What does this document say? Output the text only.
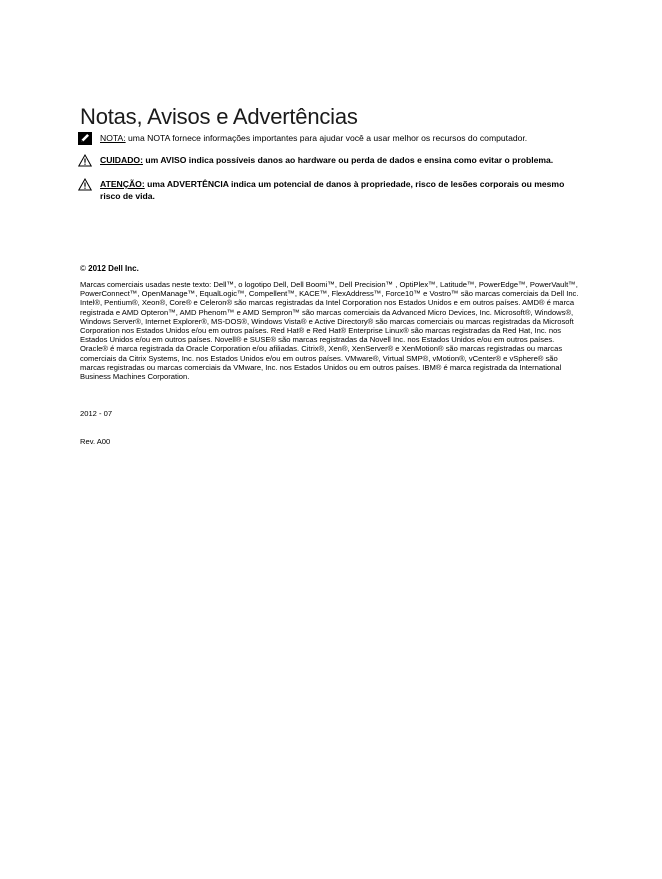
Notas, Avisos e Advertências
NOTA: uma NOTA fornece informações importantes para ajudar você a usar melhor os recursos do computador.
CUIDADO: um AVISO indica possíveis danos ao hardware ou perda de dados e ensina como evitar o problema.
ATENÇÃO: uma ADVERTÊNCIA indica um potencial de danos à propriedade, risco de lesões corporais ou mesmo risco de vida.
© 2012 Dell Inc.
Marcas comerciais usadas neste texto: Dell™, o logotipo Dell, Dell Boomi™, Dell Precision™ , OptiPlex™, Latitude™, PowerEdge™, PowerVault™, PowerConnect™, OpenManage™, EqualLogic™, Compellent™, KACE™, FlexAddress™, Force10™ e Vostro™ são marcas comerciais da Dell Inc. Intel®, Pentium®, Xeon®, Core® e Celeron® são marcas registradas da Intel Corporation nos Estados Unidos e em outros países. AMD® é marca registrada e AMD Opteron™, AMD Phenom™ e AMD Sempron™ são marcas comerciais da Advanced Micro Devices, Inc. Microsoft®, Windows®, Windows Server®, Internet Explorer®, MS-DOS®, Windows Vista® e Active Directory® são marcas comerciais ou marcas registradas da Microsoft Corporation nos Estados Unidos e/ou em outros países. Red Hat® e Red Hat® Enterprise Linux® são marcas registradas da Red Hat, Inc. nos Estados Unidos e/ou em outros países. Novell® e SUSE® são marcas registradas da Novell Inc. nos Estados Unidos e/ou em outros países. Oracle® é marca registrada da Oracle Corporation e/ou afiliadas. Citrix®, Xen®, XenServer® e XenMotion® são marcas registradas ou marcas comerciais da Citrix Systems, Inc. nos Estados Unidos e/ou em outros países. VMware®, Virtual SMP®, vMotion®, vCenter® e vSphere® são marcas registradas ou marcas comerciais da VMware, Inc. nos Estados Unidos ou em outros países. IBM® é marca registrada da International Business Machines Corporation.
2012 - 07
Rev. A00
